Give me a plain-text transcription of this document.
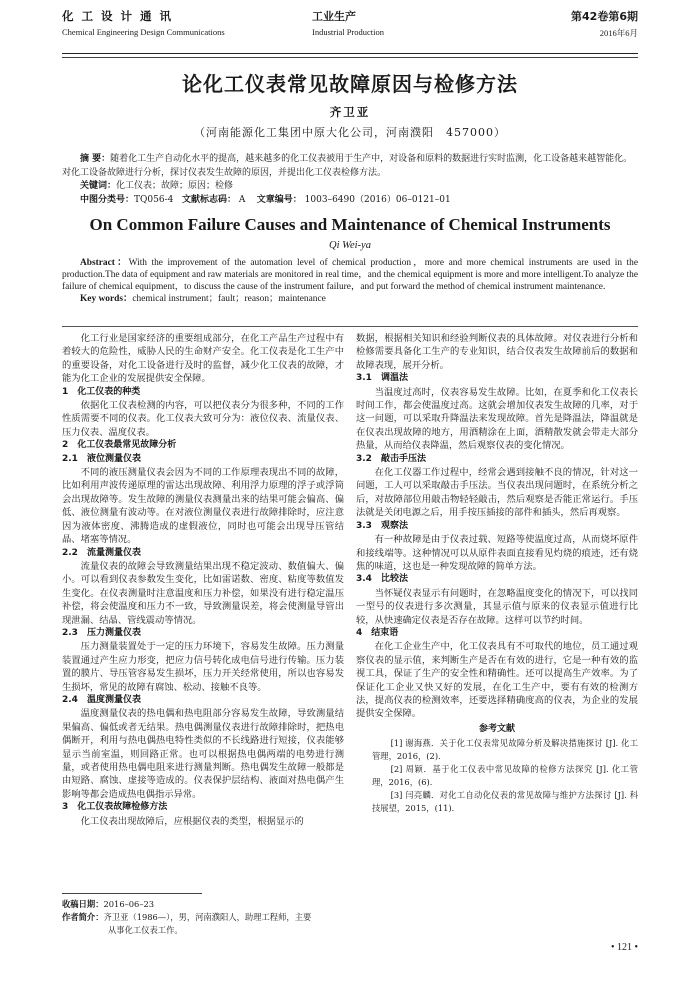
化工设计通讯
Chemical Engineering Design Communications
工业生产
Industrial Production
第42卷第6期
2016年6月
论化工仪表常见故障原因与检修方法
齐卫亚
（河南能源化工集团中原大化公司，河南濮阳　457000）

摘 要：随着化工生产自动化水平的提高，越来越多的化工仪表被用于生产中，对设备和原料的数据进行实时监测，化工设备越来越智能化。对化工设备故障进行分析，探讨仪表发生故障的原因，并提出化工仪表检修方法。

关键词：化工仪表；故障；原因；检修

中图分类号：TQ056-4 文献标志码： A 文章编号： 1003–6490（2016）06–0121–01

On Common Failure Causes and Maintenance of Chemical Instruments
Qi Wei-ya

Abstract：With the improvement of the automation level of chemical production，more and more chemical instruments are used in the production.The data of equipment and raw materials are monitored in real time，and the chemical equipment is more and more intelligent.To analyze the failure of chemical equipment，to discuss the cause of the instrument failure，and put forward the method of chemical instrument maintenance.

Key words：chemical instrument；fault；reason；maintenance

化工行业是国家经济的重要组成部分，在化工产品生产过程中有着较大的危险性，威胁人民的生命财产安全。化工仪表是化工生产中的重要设备，对化工设备进行及时的监督，减少化工仪表的故障，才能为化工企业的发展提供安全保障。

1　化工仪表的种类

依据化工仪表检测的内容，可以把仪表分为很多种，不同的工作性质需要不同的仪表。化工仪表大致可分为：液位仪表、流量仪表、压力仪表、温度仪表。

2　化工仪表最常见故障分析
2.1　液位测量仪表

不同的液压测量仪表会因为不同的工作原理表现出不同的故障，比如利用声波传递原理的雷达出现故障、利用浮力原理的浮子或浮筒会出现故障等。发生故障的测量仪表测量出来的结果可能会偏高、偏低、液位测量有波动等。在对液位测量仪表进行故障排除时，应注意因为液体密度、沸腾造成的虚假液位，同时也可能会出现导压管结晶、堵塞等情况。

2.2　流量测量仪表

流量仪表的故障会导致测量结果出现不稳定波动、数值偏大、偏小。可以看到仪表参数发生变化，比如雷诺数、密度、粘度等数值发生变化。在仪表测量时注意温度和压力补偿，如果没有进行稳定温压补偿，将会使温度和压力不一致，导致测量误差，将会使测量导管出现泄漏、结晶、管线震动等情况。

2.3　压力测量仪表

压力测量装置处于一定的压力环境下，容易发生故障。压力测量装置通过产生应力形变，把应力信号转化成电信号进行传输。压力装置的膜片、导压管容易发生损坏，压力开关经常使用，所以也容易发生损坏，常见的故障有腐蚀、松动、接触不良等。

2.4　温度测量仪表

温度测量仪表的热电偶和热电阻部分容易发生故障，导致测量结果偏高、偏低或者无结果。热电偶测量仪表进行故障排除时，把热电偶断开，利用与热电偶热电特性类似的不长线路进行短接，仪表能够显示当前室温，则回路正常。也可以根据热电偶两端的电势进行测量，或者使用热电偶电阻来进行测量判断。热电偶发生故障一般都是由短路、腐蚀、虚接等造成的。仪表保护层结构、液面对热电偶产生影响等都会造成热电偶指示异常。

3　化工仪表故障检修方法

化工仪表出现故障后，应根据仪表的类型，根据显示的

数据，根据相关知识和经验判断仪表的具体故障。对仪表进行分析和检修需要具备化工生产的专业知识，结合仪表发生故障前后的数据和故障表现，展开分析。

3.1　调温法

当温度过高时，仪表容易发生故障。比如，在夏季和化工仪表长时间工作，都会使温度过高。这就会增加仪表发生故障的几率，对于这一问题，可以采取升降温法来发现故障。首先是降温法，降温就是在仪表出现故障的地方，用酒精涂在上面，酒精散发就会带走大部分热量，从而给仪表降温，然后观察仪表的变化情况。

3.2　敲击手压法

在化工仪器工作过程中，经常会遇到接触不良的情况，针对这一问题，工人可以采取敲击手压法。当仪表出现问题时，在系统分析之后，对故障部位用敲击物轻轻敲击，然后观察是否能正常运行。手压法就是关闭电源之后，用手按压插接的部件和插头，然后再观察。

3.3　观察法

有一种故障是由于仪表过载、短路等使温度过高，从而烧坏原件和接线端等。这种情况可以从原件表面直接看见灼烧的痕迹，还有烧焦的味道，这也是一种发现故障的简单方法。

3.4　比较法

当怀疑仪表显示有问题时，在忽略温度变化的情况下，可以找同一型号的仪表进行多次测量，其显示值与原来的仪表显示值进行比较，从快速确定仪表是否存在故障。这样可以节约时间。

4　结束语

在化工企业生产中，化工仪表具有不可取代的地位，员工通过观察仪表的显示值，来判断生产是否在有效的进行，它是一种有效的监视工具，保证了生产的安全性和精确性。还可以提高生产效率。为了保证化工企业又快又好的发展，在化工生产中，要有有效的检测方法，提高仪表的检测效率，还要选择精确度高的仪表，为企业的发展提供安全保障。

参考文献

[1] 谢海燕．关于化工仪表常见故障分析及解决措施探讨 [J]. 化工管理，2016，(2)．

[2] 周颖．基于化工仪表中常见故障的检修方法探究 [J]. 化工管理，2016，(6)．

[3] 闫亮麟．对化工自动化仪表的常见故障与维护方法探讨 [J]. 科技展望，2015，(11)．

收稿日期：2016–06–23
作者简介：齐卫亚（1986—），男，河南濮阳人，助理工程师，主要
从事化工仪表工作。
• 121 •
